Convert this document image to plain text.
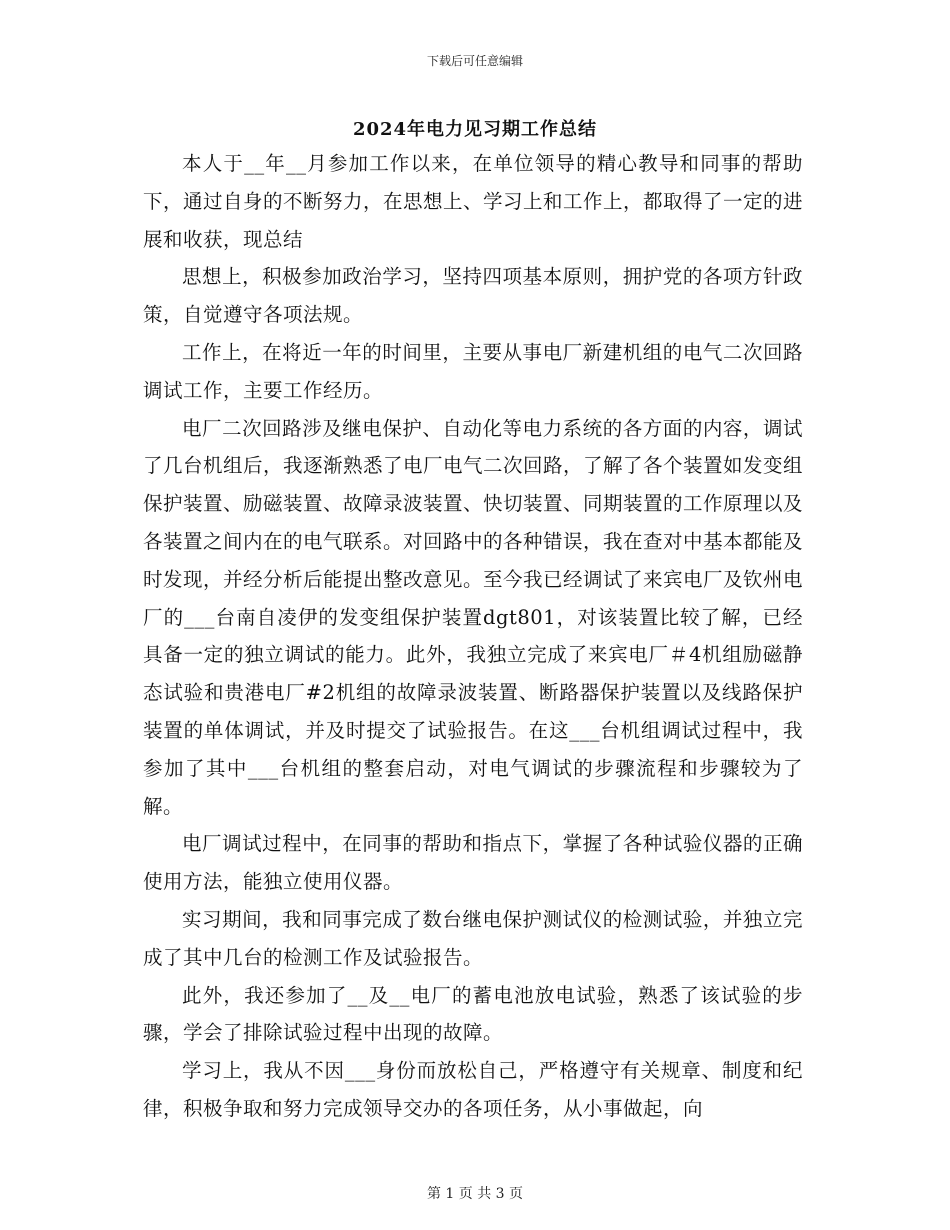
下载后可任意编辑
2024年电力见习期工作总结

本人于__年__月参加工作以来，在单位领导的精心教导和同事的帮助下，通过自身的不断努力，在思想上、学习上和工作上，都取得了一定的进展和收获，现总结

思想上，积极参加政治学习，坚持四项基本原则，拥护党的各项方针政策，自觉遵守各项法规。

工作上，在将近一年的时间里，主要从事电厂新建机组的电气二次回路调试工作，主要工作经历。

电厂二次回路涉及继电保护、自动化等电力系统的各方面的内容，调试了几台机组后，我逐渐熟悉了电厂电气二次回路，了解了各个装置如发变组保护装置、励磁装置、故障录波装置、快切装置、同期装置的工作原理以及各装置之间内在的电气联系。对回路中的各种错误，我在查对中基本都能及时发现，并经分析后能提出整改意见。至今我已经调试了来宾电厂及钦州电厂的___台南自凌伊的发变组保护装置dgt801，对该装置比较了解，已经具备一定的独立调试的能力。此外，我独立完成了来宾电厂＃4机组励磁静态试验和贵港电厂#2机组的故障录波装置、断路器保护装置以及线路保护装置的单体调试，并及时提交了试验报告。在这___台机组调试过程中，我参加了其中___台机组的整套启动，对电气调试的步骤流程和步骤较为了解。

电厂调试过程中，在同事的帮助和指点下，掌握了各种试验仪器的正确使用方法，能独立使用仪器。

实习期间，我和同事完成了数台继电保护测试仪的检测试验，并独立完成了其中几台的检测工作及试验报告。

此外，我还参加了__及__电厂的蓄电池放电试验，熟悉了该试验的步骤，学会了排除试验过程中出现的故障。

学习上，我从不因___身份而放松自己，严格遵守有关规章、制度和纪律，积极争取和努力完成领导交办的各项任务，从小事做起，向

第 1 页 共 3 页
